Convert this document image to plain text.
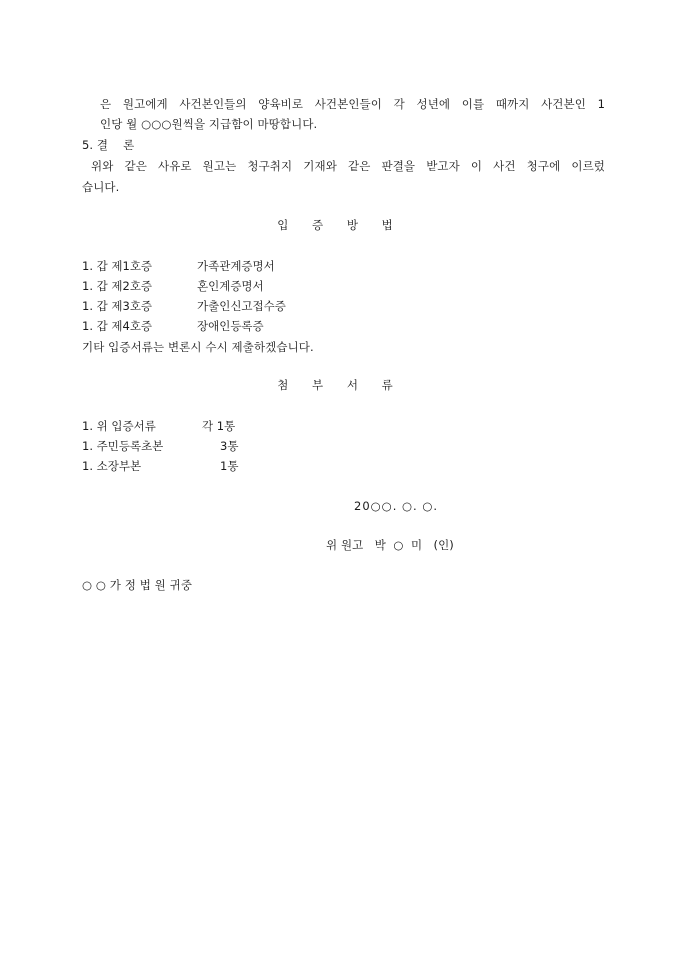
은 원고에게 사건본인들의 양육비로 사건본인들이 각 성년에 이를 때까지 사건본인 1
인당 월 ○○○원씩을 지급함이 마땅합니다.
5. 결    론
위와 같은 사유로 원고는 청구취지 기재와 같은 판결을 받고자 이 사건 청구에 이르렀
습니다.
입 증 방 법
1. 갑 제1호증	가족관계증명서
1. 갑 제2호증	혼인계증명서
1. 갑 제3호증	가출인신고접수증
1. 갑 제4호증	장애인등록증
기타 입증서류는 변론시 수시 제출하겠습니다.
첨 부 서 류
1. 위 입증서류	각 1통
1. 주민등록초본	3통
1. 소장부본	1통
20○○. ○. ○.
위 원고   박  ○  미   (인)
○ ○ 가 정 법 원 귀중
